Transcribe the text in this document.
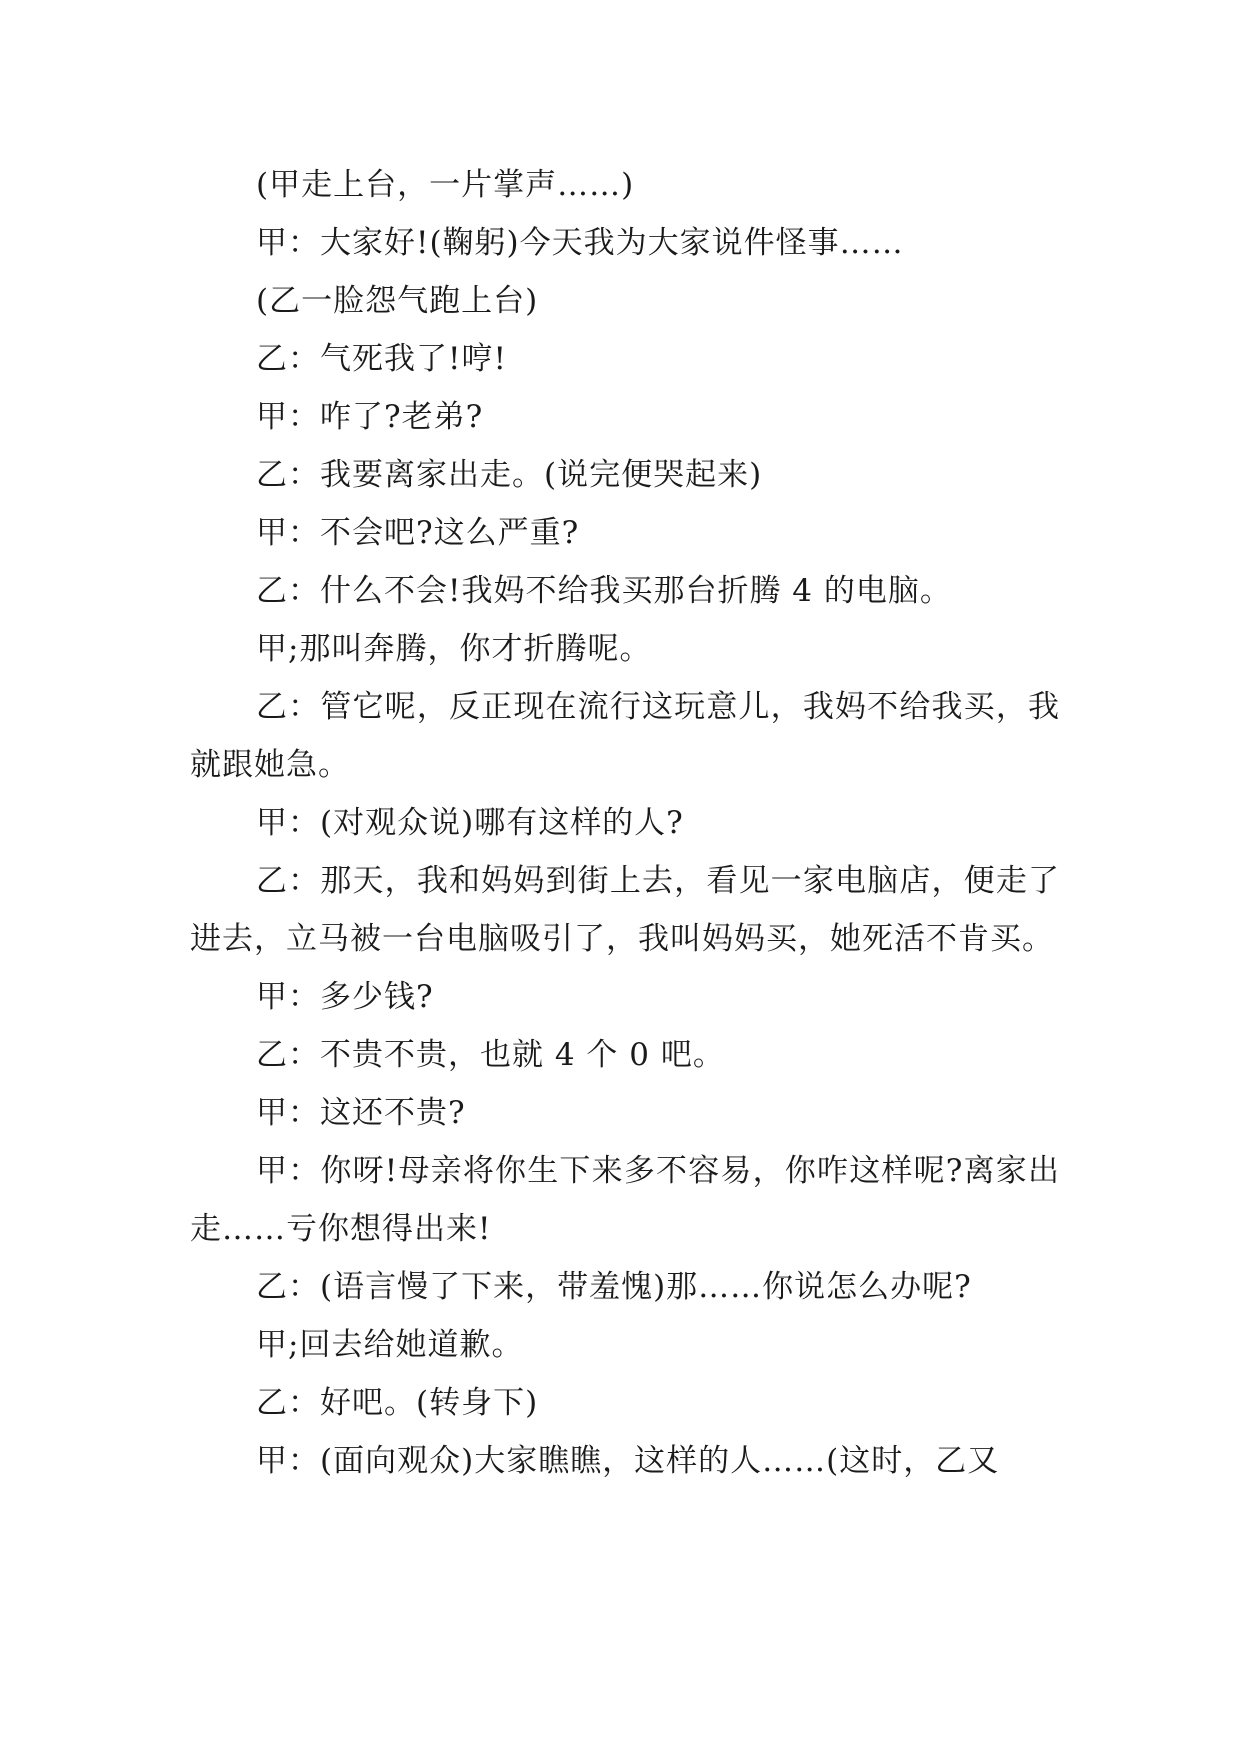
(甲走上台，一片掌声……)

甲：大家好!(鞠躬)今天我为大家说件怪事……

(乙一脸怨气跑上台)

乙：气死我了!哼!

甲：咋了?老弟?

乙：我要离家出走。(说完便哭起来)

甲：不会吧?这么严重?

乙：什么不会!我妈不给我买那台折腾 4 的电脑。

甲;那叫奔腾，你才折腾呢。

乙：管它呢，反正现在流行这玩意儿，我妈不给我买，我就跟她急。

甲：(对观众说)哪有这样的人?

乙：那天，我和妈妈到街上去，看见一家电脑店，便走了进去，立马被一台电脑吸引了，我叫妈妈买，她死活不肯买。

甲：多少钱?

乙：不贵不贵，也就 4 个 0 吧。

甲：这还不贵?

甲：你呀!母亲将你生下来多不容易，你咋这样呢?离家出走……亏你想得出来!

乙：(语言慢了下来，带羞愧)那……你说怎么办呢?

甲;回去给她道歉。

乙：好吧。(转身下)

甲：(面向观众)大家瞧瞧，这样的人……(这时，乙又
